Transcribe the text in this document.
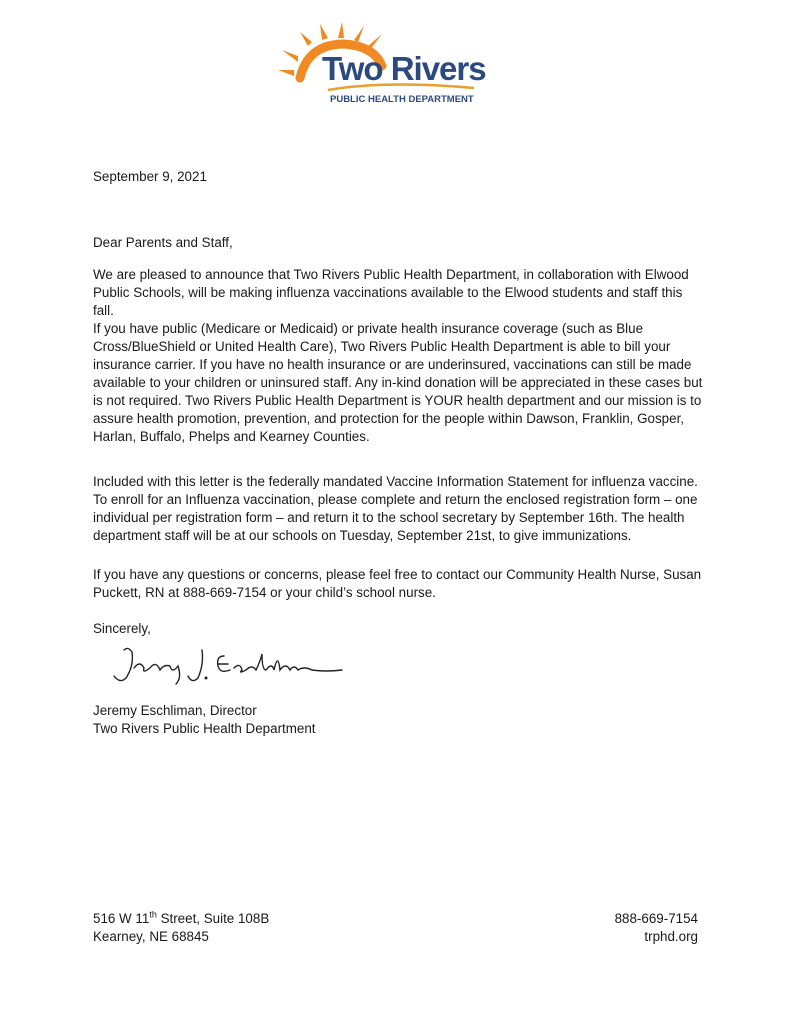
Two Rivers
PUBLIC HEALTH DEPARTMENT

September 9, 2021

Dear Parents and Staff,

We are pleased to announce that Two Rivers Public Health Department, in collaboration with Elwood Public Schools, will be making influenza vaccinations available to the Elwood students and staff this fall.

If you have public (Medicare or Medicaid) or private health insurance coverage (such as Blue Cross/BlueShield or United Health Care), Two Rivers Public Health Department is able to bill your insurance carrier. If you have no health insurance or are underinsured, vaccinations can still be made available to your children or uninsured staff. Any in-kind donation will be appreciated in these cases but is not required. Two Rivers Public Health Department is YOUR health department and our mission is to assure health promotion, prevention, and protection for the people within Dawson, Franklin, Gosper, Harlan, Buffalo, Phelps and Kearney Counties.

Included with this letter is the federally mandated Vaccine Information Statement for influenza vaccine. To enroll for an Influenza vaccination, please complete and return the enclosed registration form – one individual per registration form – and return it to the school secretary by September 16th. The health department staff will be at our schools on Tuesday, September 21st, to give immunizations.

If you have any questions or concerns, please feel free to contact our Community Health Nurse, Susan Puckett, RN at 888-669-7154 or your child’s school nurse.

Sincerely,

Jeremy Eschliman, Director

Two Rivers Public Health Department

516 W 11th Street, Suite 108B

Kearney, NE 68845

888-669-7154

trphd.org
